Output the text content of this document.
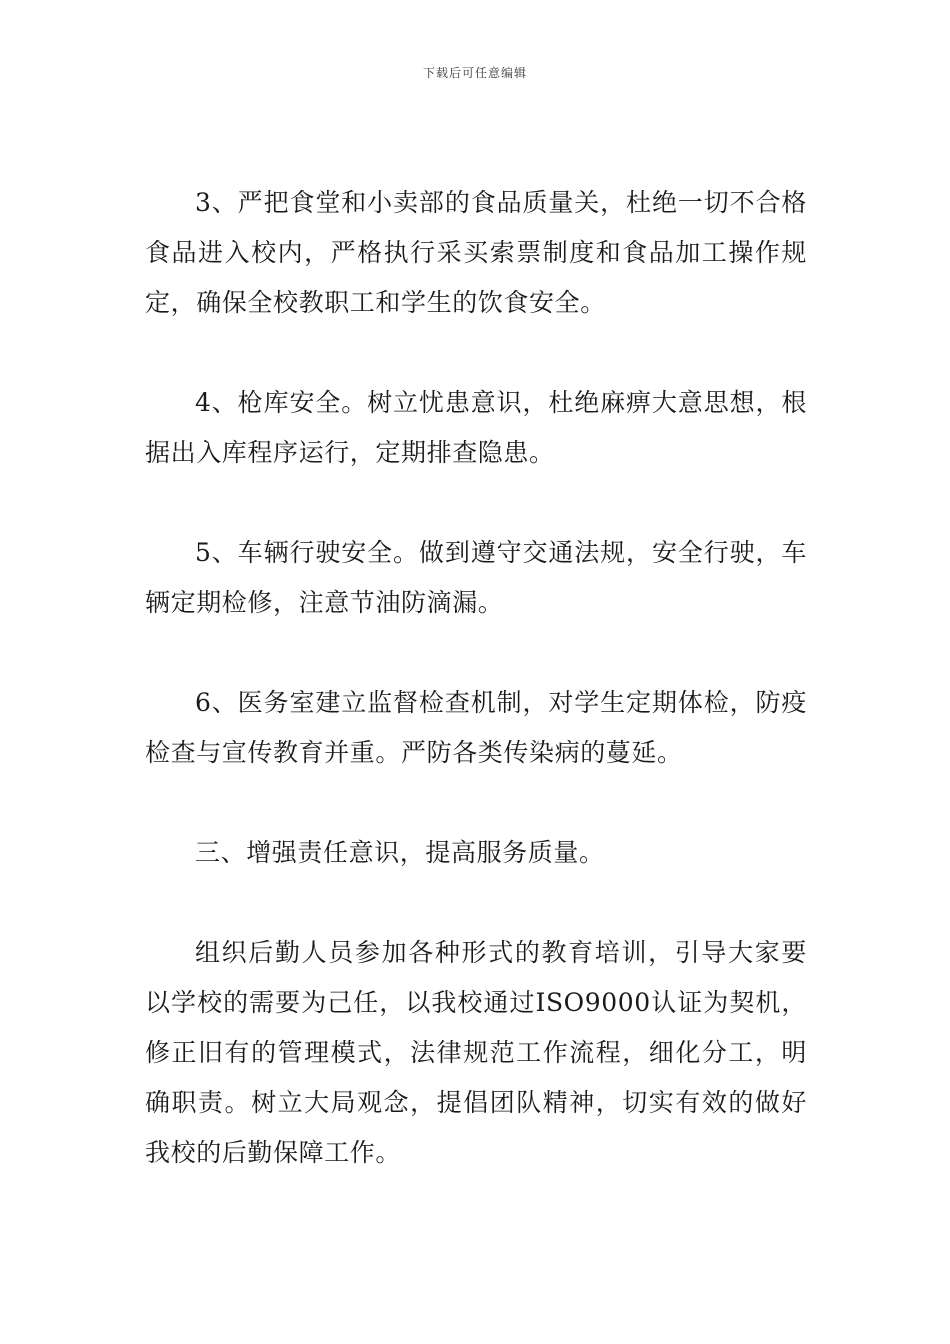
下载后可任意编辑

3、严把食堂和小卖部的食品质量关，杜绝一切不合格食品进入校内，严格执行采买索票制度和食品加工操作规定，确保全校教职工和学生的饮食安全。

4、枪库安全。树立忧患意识，杜绝麻痹大意思想，根据出入库程序运行，定期排查隐患。

5、车辆行驶安全。做到遵守交通法规，安全行驶，车辆定期检修，注意节油防滴漏。

6、医务室建立监督检查机制，对学生定期体检，防疫检查与宣传教育并重。严防各类传染病的蔓延。

三、增强责任意识，提高服务质量。

组织后勤人员参加各种形式的教育培训，引导大家要以学校的需要为己任，以我校通过ISO9000认证为契机，修正旧有的管理模式，法律规范工作流程，细化分工，明确职责。树立大局观念，提倡团队精神，切实有效的做好我校的后勤保障工作。
